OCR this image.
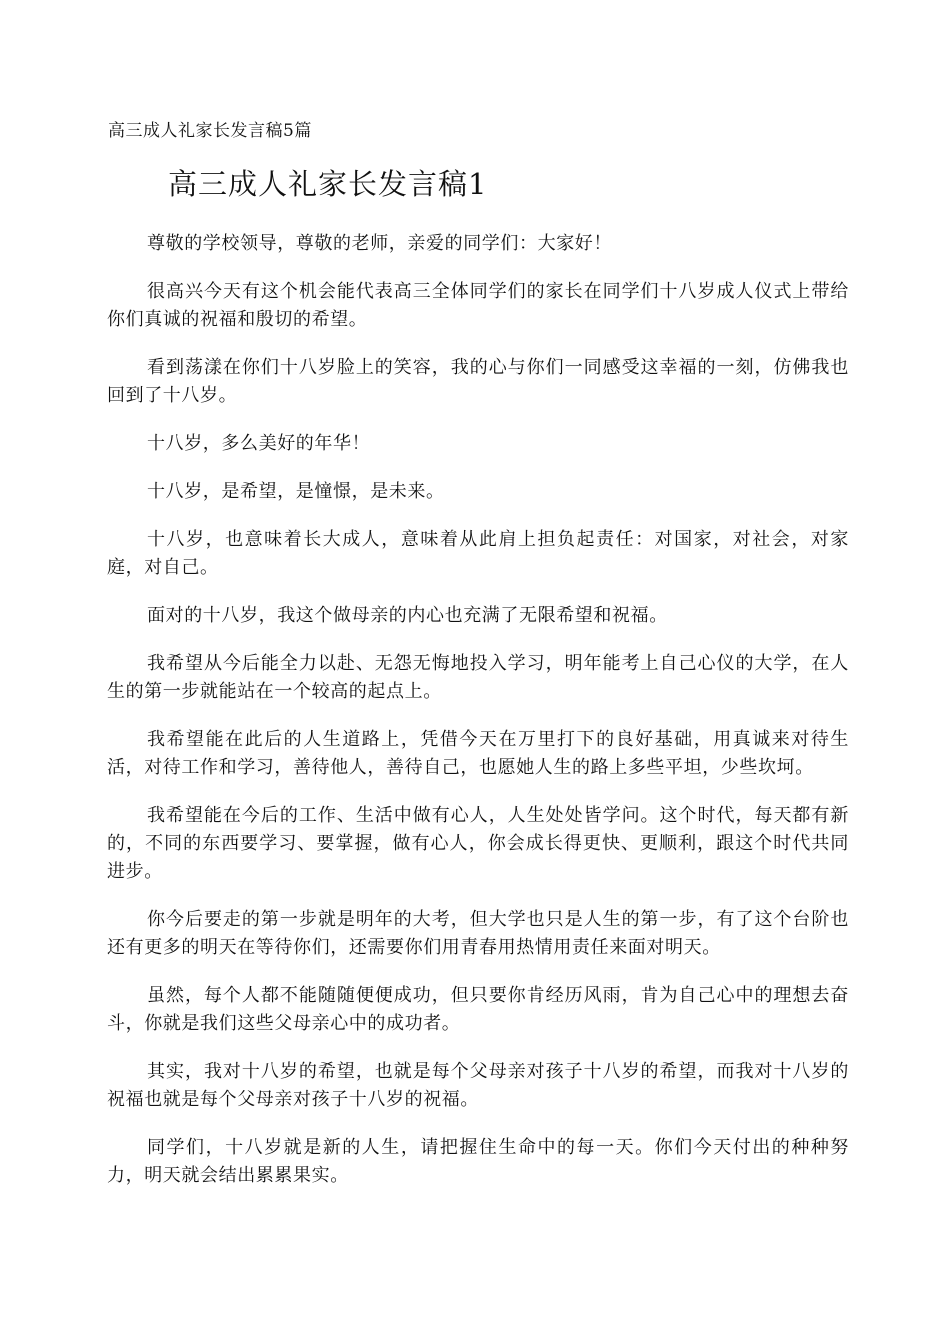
高三成人礼家长发言稿5篇
高三成人礼家长发言稿1

尊敬的学校领导，尊敬的老师，亲爱的同学们：大家好！

很高兴今天有这个机会能代表高三全体同学们的家长在同学们十八岁成人仪式上带给你们真诚的祝福和殷切的希望。

看到荡漾在你们十八岁脸上的笑容，我的心与你们一同感受这幸福的一刻，仿佛我也回到了十八岁。

十八岁，多么美好的年华！

十八岁，是希望，是憧憬，是未来。

十八岁，也意味着长大成人，意味着从此肩上担负起责任：对国家，对社会，对家庭，对自己。

面对的十八岁，我这个做母亲的内心也充满了无限希望和祝福。

我希望从今后能全力以赴、无怨无悔地投入学习，明年能考上自己心仪的大学，在人生的第一步就能站在一个较高的起点上。

我希望能在此后的人生道路上，凭借今天在万里打下的良好基础，用真诚来对待生活，对待工作和学习，善待他人，善待自己，也愿她人生的路上多些平坦，少些坎坷。

我希望能在今后的工作、生活中做有心人，人生处处皆学问。这个时代，每天都有新的，不同的东西要学习、要掌握，做有心人，你会成长得更快、更顺利，跟这个时代共同进步。

你今后要走的第一步就是明年的大考，但大学也只是人生的第一步，有了这个台阶也还有更多的明天在等待你们，还需要你们用青春用热情用责任来面对明天。

虽然，每个人都不能随随便便成功，但只要你肯经历风雨，肯为自己心中的理想去奋斗，你就是我们这些父母亲心中的成功者。

其实，我对十八岁的希望，也就是每个父母亲对孩子十八岁的希望，而我对十八岁的祝福也就是每个父母亲对孩子十八岁的祝福。

同学们，十八岁就是新的人生，请把握住生命中的每一天。你们今天付出的种种努力，明天就会结出累累果实。
